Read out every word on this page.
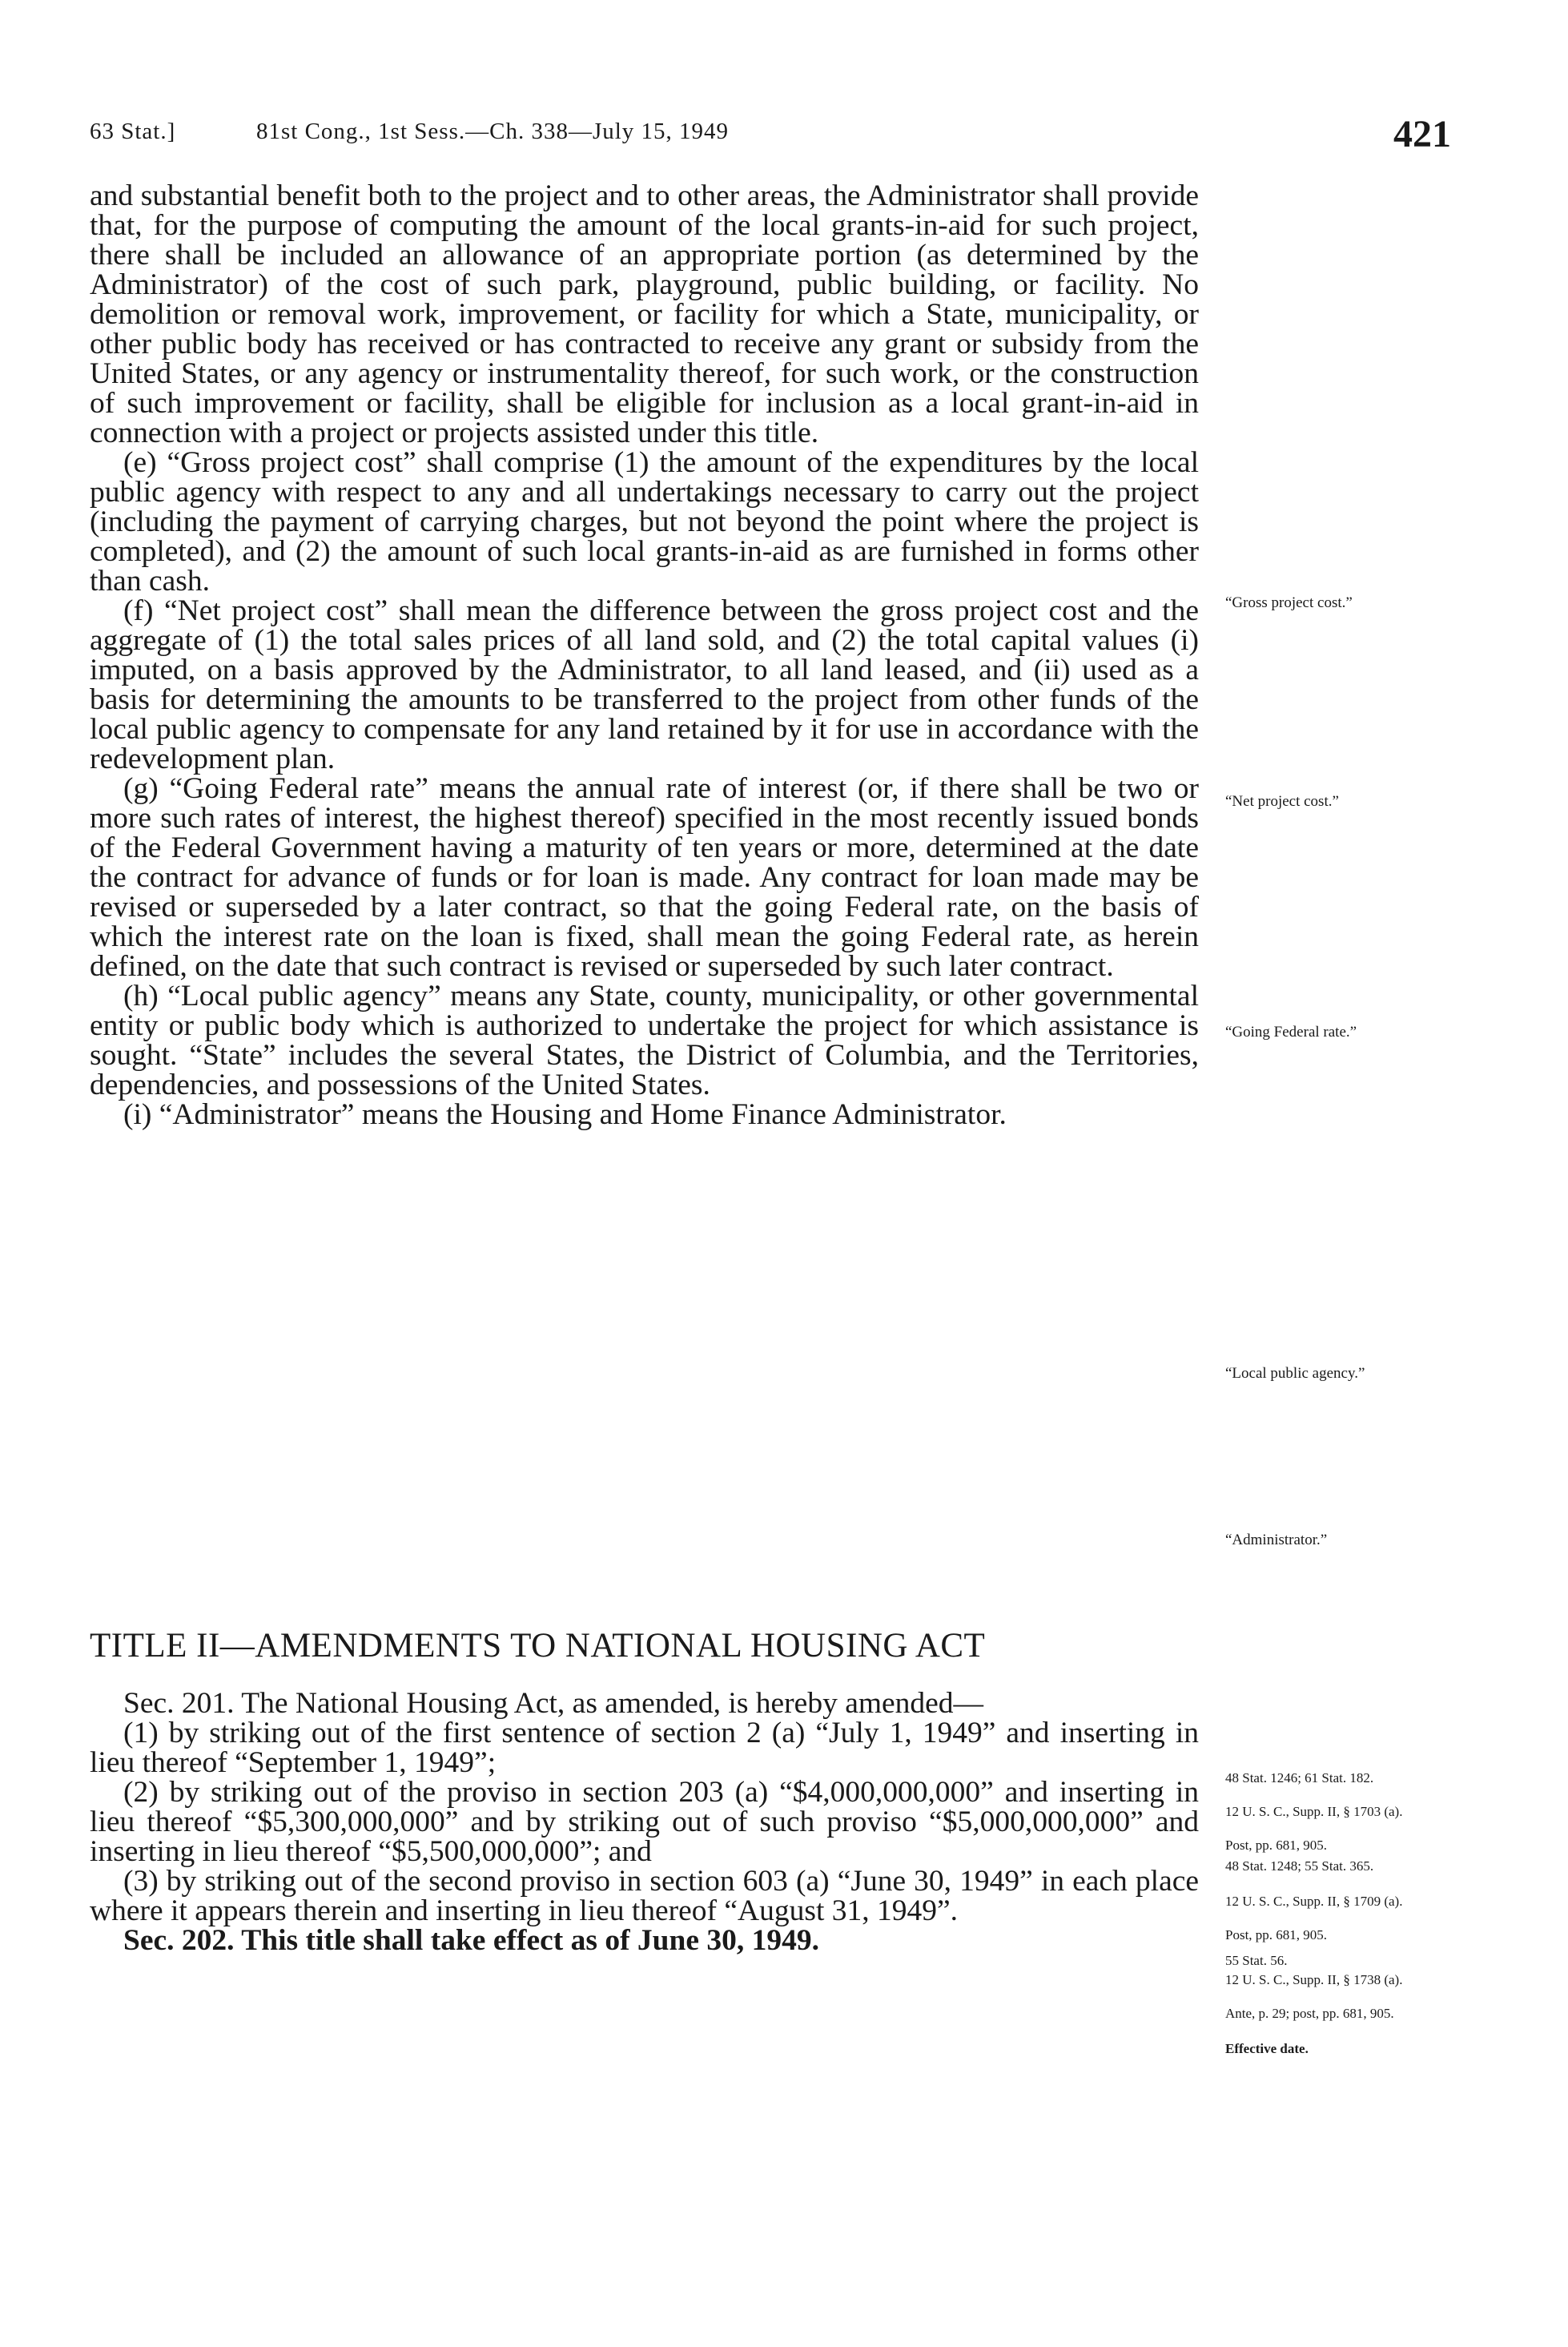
63 Stat.]	81st Cong., 1st Sess.—Ch. 338—July 15, 1949	421

and substantial benefit both to the project and to other areas, the Administrator shall provide that, for the purpose of computing the amount of the local grants-in-aid for such project, there shall be included an allowance of an appropriate portion (as determined by the Administrator) of the cost of such park, playground, public building, or facility. No demolition or removal work, improvement, or facility for which a State, municipality, or other public body has received or has contracted to receive any grant or subsidy from the United States, or any agency or instrumentality thereof, for such work, or the construction of such improvement or facility, shall be eligible for inclusion as a local grant-in-aid in connection with a project or projects assisted under this title.

(e) “Gross project cost” shall comprise (1) the amount of the expenditures by the local public agency with respect to any and all undertakings necessary to carry out the project (including the payment of carrying charges, but not beyond the point where the project is completed), and (2) the amount of such local grants-in-aid as are furnished in forms other than cash.

(f) “Net project cost” shall mean the difference between the gross project cost and the aggregate of (1) the total sales prices of all land sold, and (2) the total capital values (i) imputed, on a basis approved by the Administrator, to all land leased, and (ii) used as a basis for determining the amounts to be transferred to the project from other funds of the local public agency to compensate for any land retained by it for use in accordance with the redevelopment plan.

(g) “Going Federal rate” means the annual rate of interest (or, if there shall be two or more such rates of interest, the highest thereof) specified in the most recently issued bonds of the Federal Government having a maturity of ten years or more, determined at the date the contract for advance of funds or for loan is made. Any contract for loan made may be revised or superseded by a later contract, so that the going Federal rate, on the basis of which the interest rate on the loan is fixed, shall mean the going Federal rate, as herein defined, on the date that such contract is revised or superseded by such later contract.

(h) “Local public agency” means any State, county, municipality, or other governmental entity or public body which is authorized to undertake the project for which assistance is sought. “State” includes the several States, the District of Columbia, and the Territories, dependencies, and possessions of the United States.

(i) “Administrator” means the Housing and Home Finance Administrator.

TITLE II—AMENDMENTS TO NATIONAL HOUSING ACT

Sec. 201. The National Housing Act, as amended, is hereby amended—

(1) by striking out of the first sentence of section 2 (a) “July 1, 1949” and inserting in lieu thereof “September 1, 1949”;

(2) by striking out of the proviso in section 203 (a) “$4,000,000,000” and inserting in lieu thereof “$5,300,000,000” and by striking out of such proviso “$5,000,000,000” and inserting in lieu thereof “$5,500,000,000”; and

(3) by striking out of the second proviso in section 603 (a) “June 30, 1949” in each place where it appears therein and inserting in lieu thereof “August 31, 1949”.

Sec. 202. This title shall take effect as of June 30, 1949.

“Gross project cost.”
“Net project cost.”
“Going Federal rate.”
“Local public agency.”
“Administrator.”
48 Stat. 1246; 61 Stat. 182.
12 U. S. C., Supp. II, § 1703 (a).
Post, pp. 681, 905.
48 Stat. 1248; 55 Stat. 365.
12 U. S. C., Supp. II, § 1709 (a).
Post, pp. 681, 905.
55 Stat. 56.
12 U. S. C., Supp. II, § 1738 (a).
Ante, p. 29; post, pp. 681, 905.
Effective date.
